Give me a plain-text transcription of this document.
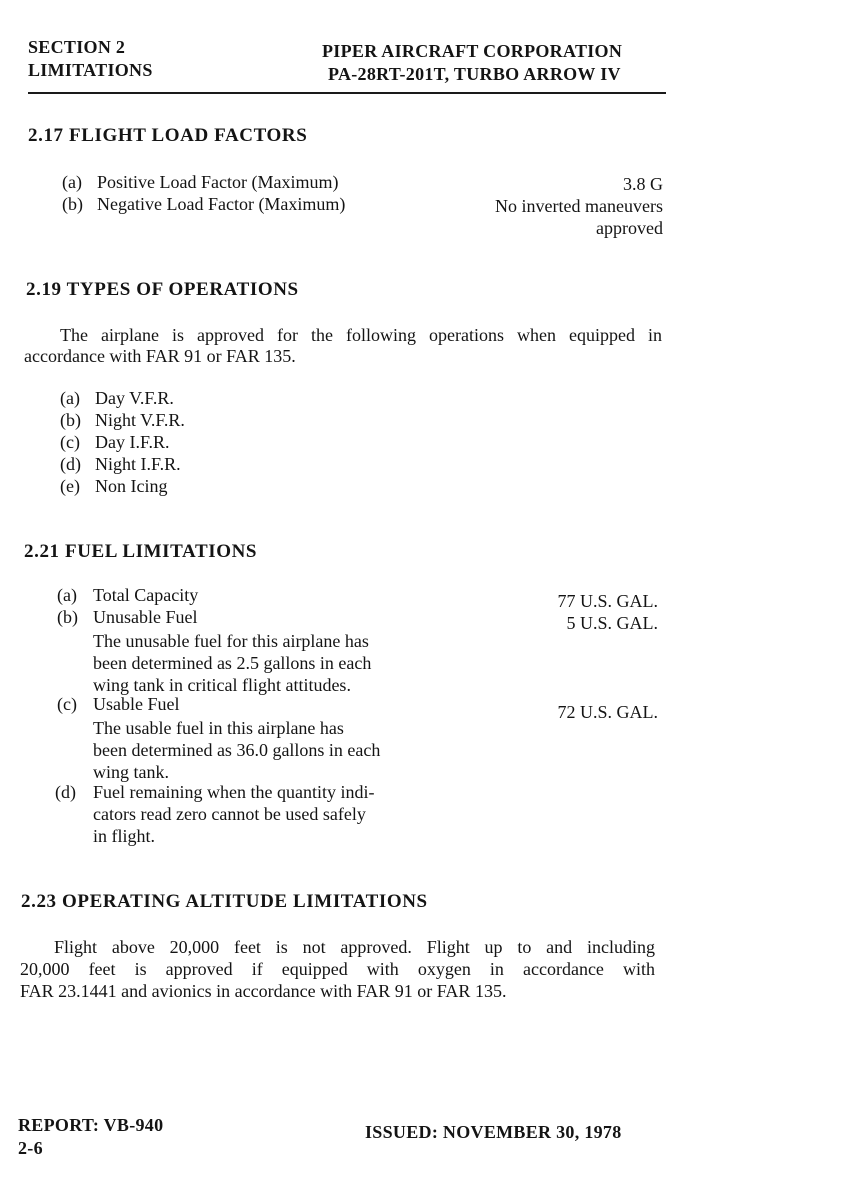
SECTION 2
LIMITATIONS
PIPER AIRCRAFT CORPORATION
PA-28RT-201T, TURBO ARROW IV
2.17 FLIGHT LOAD FACTORS
(a) Positive Load Factor (Maximum)	3.8 G
(b) Negative Load Factor (Maximum)	No inverted maneuvers
approved
2.19 TYPES OF OPERATIONS
The airplane is approved for the following operations when equipped in
accordance with FAR 91 or FAR 135.
(a) Day V.F.R.
(b) Night V.F.R.
(c) Day I.F.R.
(d) Night I.F.R.
(e) Non Icing
2.21 FUEL LIMITATIONS
(a) Total Capacity	77 U.S. GAL.
(b) Unusable Fuel	5 U.S. GAL.
The unusable fuel for this airplane has
been determined as 2.5 gallons in each
wing tank in critical flight attitudes.
(c) Usable Fuel	72 U.S. GAL.
The usable fuel in this airplane has
been determined as 36.0 gallons in each
wing tank.
(d) Fuel remaining when the quantity indi-
cators read zero cannot be used safely
in flight.
2.23 OPERATING ALTITUDE LIMITATIONS
Flight above 20,000 feet is not approved. Flight up to and including
20,000 feet is approved if equipped with oxygen in accordance with
FAR 23.1441 and avionics in accordance with FAR 91 or FAR 135.
REPORT: VB-940
2-6
ISSUED: NOVEMBER 30, 1978
